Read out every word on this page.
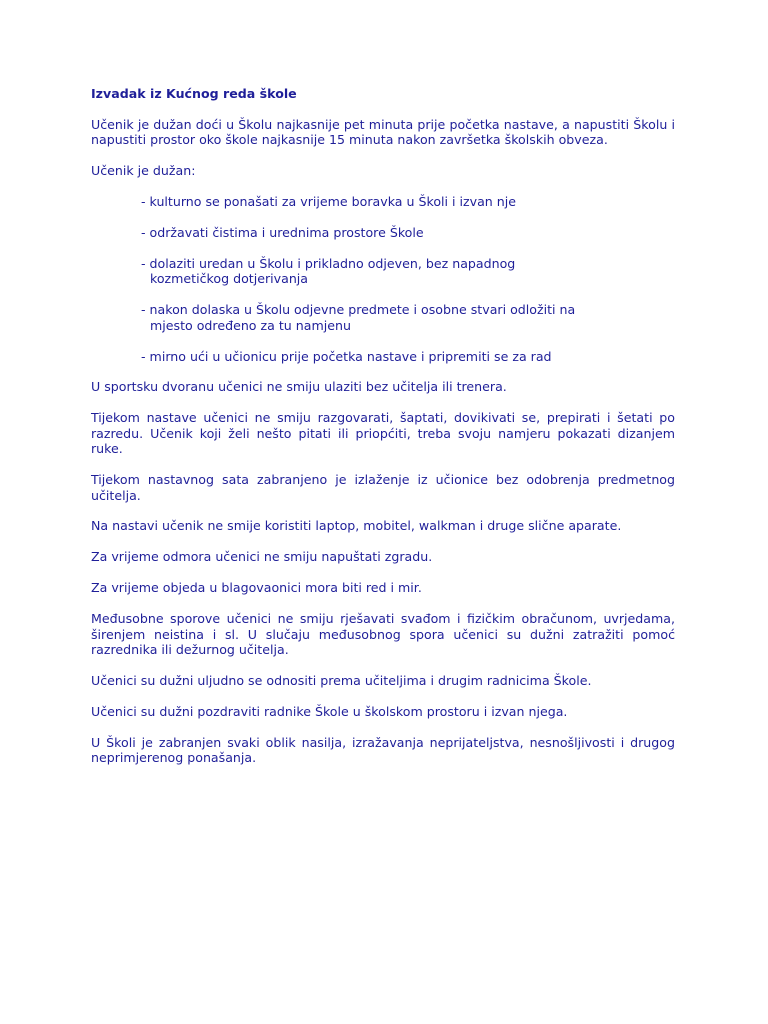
Izvadak iz Kućnog reda škole

Učenik je dužan doći u Školu najkasnije pet minuta prije početka nastave, a napustiti Školu i napustiti prostor oko škole najkasnije 15 minuta nakon završetka školskih obveza.

Učenik je dužan:

- kulturno se ponašati za vrijeme boravka u Školi i izvan nje
- održavati čistima i urednima prostore Škole
- dolaziti uredan u Školu i prikladno odjeven, bez napadnog kozmetičkog dotjerivanja
- nakon dolaska u Školu odjevne predmete i osobne stvari odložiti na mjesto određeno za tu namjenu
- mirno ući u učionicu prije početka nastave i pripremiti se za rad

U sportsku dvoranu učenici ne smiju ulaziti bez učitelja ili trenera.

Tijekom nastave učenici ne smiju razgovarati, šaptati, dovikivati se, prepirati i šetati po razredu. Učenik koji želi nešto pitati ili priopćiti, treba svoju namjeru pokazati dizanjem ruke.

Tijekom nastavnog sata zabranjeno je izlaženje iz učionice bez odobrenja predmetnog učitelja.

Na nastavi učenik ne smije koristiti laptop, mobitel, walkman i druge slične aparate.

Za vrijeme odmora učenici ne smiju napuštati zgradu.

Za vrijeme objeda u blagovaonici mora biti red i mir.

Međusobne sporove učenici ne smiju rješavati svađom i fizičkim obračunom, uvrjedama, širenjem neistina i sl. U slučaju međusobnog spora učenici su dužni zatražiti pomoć razrednika ili dežurnog učitelja.

Učenici su dužni uljudno se odnositi prema učiteljima i drugim radnicima Škole.

Učenici su dužni pozdraviti radnike Škole u školskom prostoru i izvan njega.

U Školi je zabranjen svaki oblik nasilja, izražavanja neprijateljstva, nesnošljivosti i drugog neprimjerenog ponašanja.
